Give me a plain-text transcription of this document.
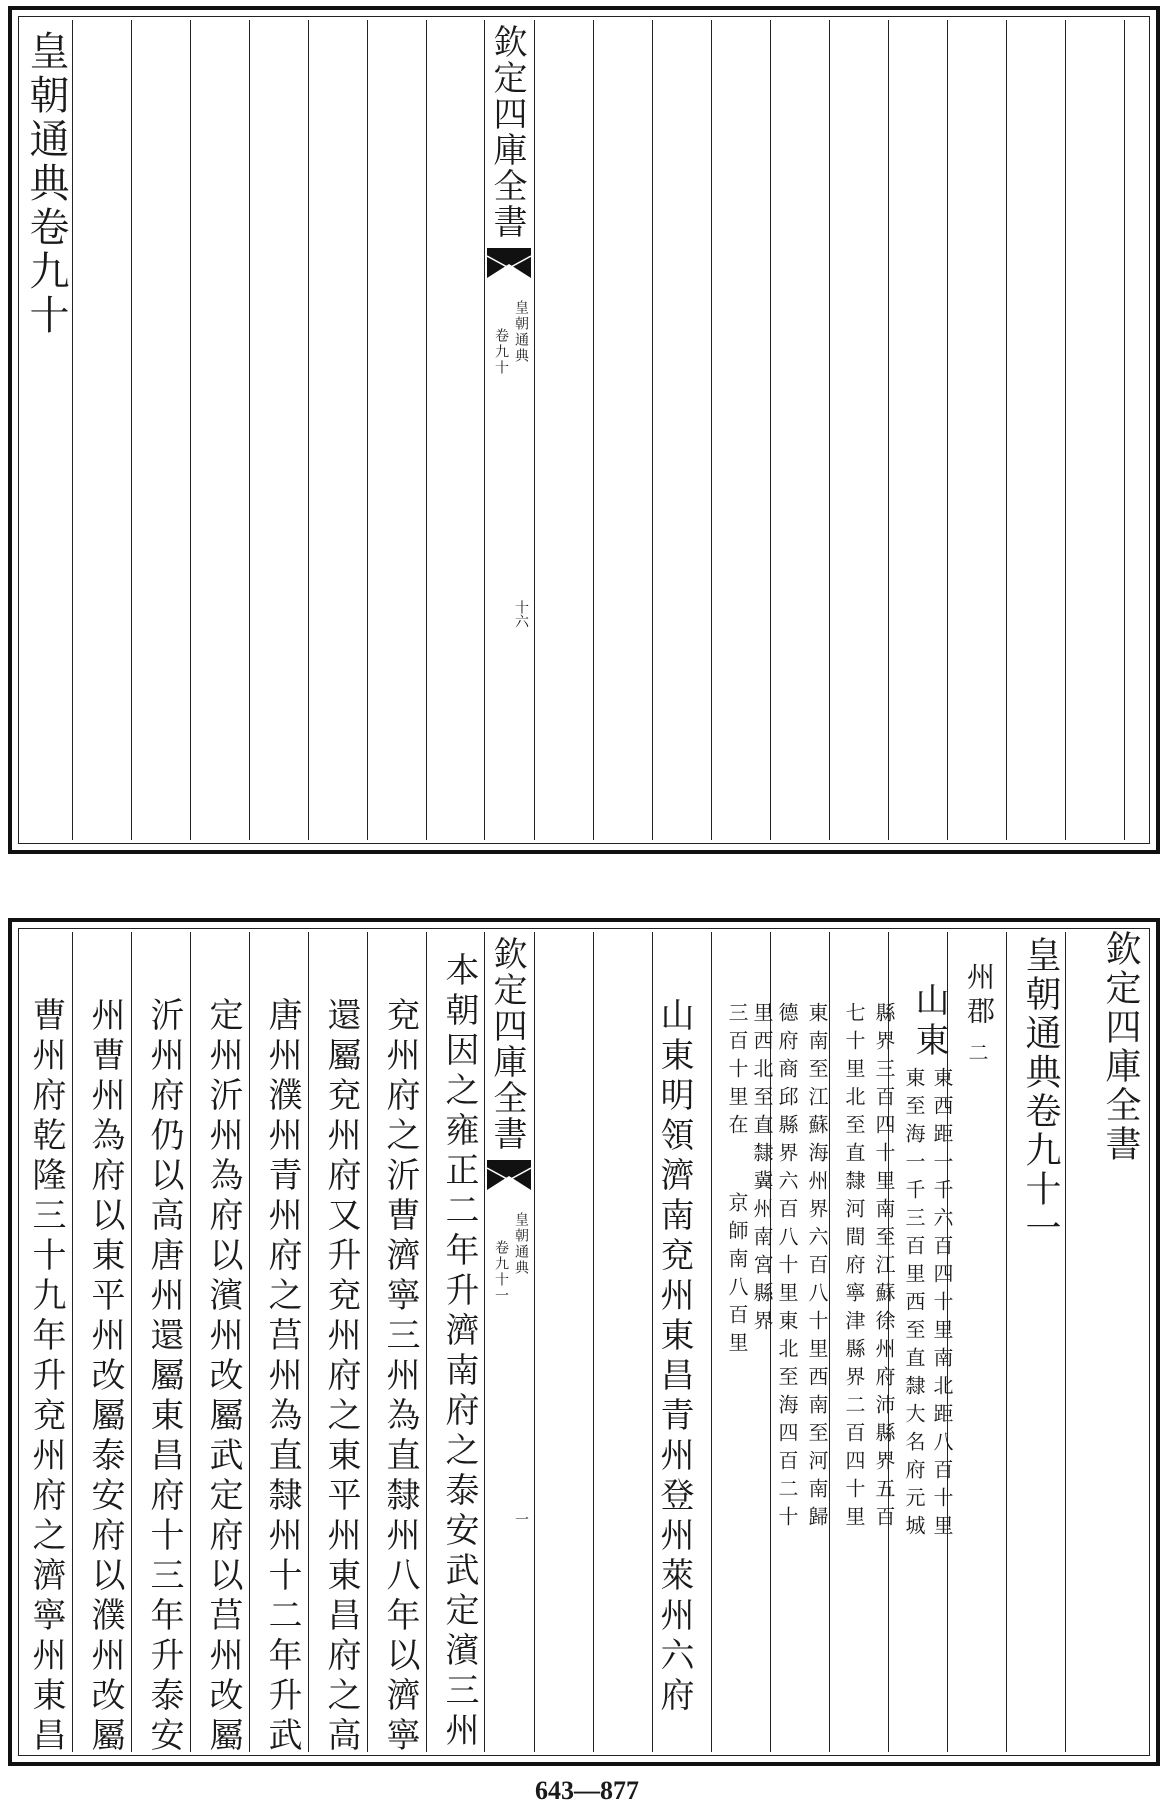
皇朝通典卷九十	欽定四庫全書
皇朝通典
卷九十
十六
欽定四庫全書
皇朝通典卷九十一
州郡
二
山東
東西距一千六百四十里南北距八百十里
東至海一千三百里西至直隸大名府元城
縣界三百四十里南至江蘇徐州府沛縣界五百
七十里北至直隸河間府寧津縣界二百四十里
東南至江蘇海州界六百八十里西南至河南歸
德府商邱縣界六百八十里東北至海四百二十
里西北至直隸冀州南宮縣界
三百十里在
京師南八百里
山東明領濟南兗州東昌青州登州萊州六府
欽定四庫全書
皇朝通典
卷九十一
一
本朝因之雍正二年升濟南府之泰安武定濱三州
兗州府之沂曹濟寧三州為直隸州八年以濟寧
還屬兗州府又升兗州府之東平州東昌府之高
唐州濮州青州府之莒州為直隸州十二年升武
定州沂州為府以濱州改屬武定府以莒州改屬
沂州府仍以高唐州還屬東昌府十三年升泰安
州曹州為府以東平州改屬泰安府以濮州改屬
曹州府乾隆三十九年升兗州府之濟寧州東昌
643—877
